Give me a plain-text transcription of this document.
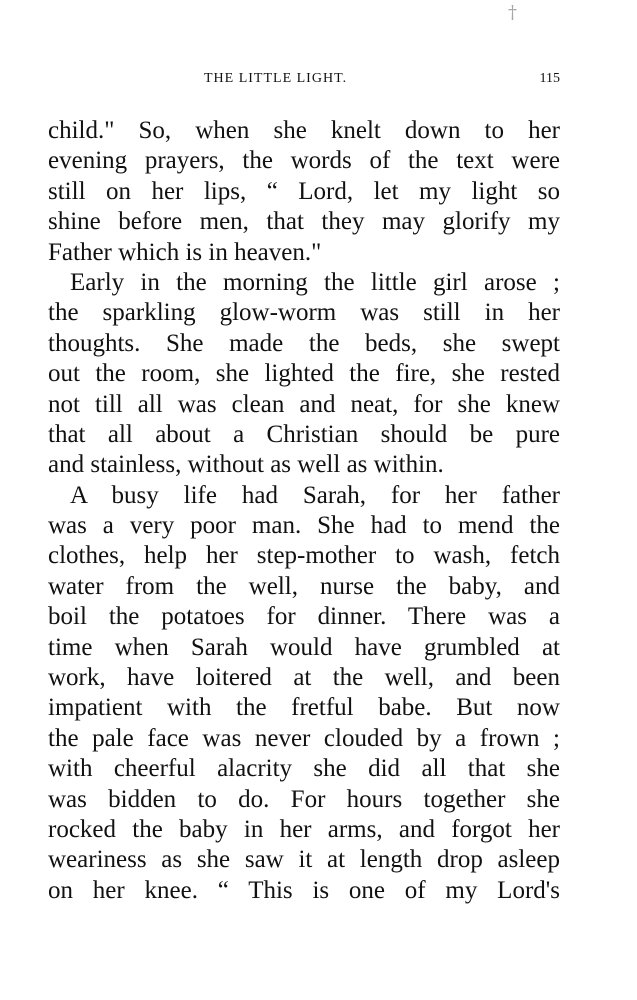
†
THE LITTLE LIGHT.	115
child." So, when she knelt down to her
evening prayers, the words of the text were
still on her lips, “ Lord, let my light so
shine before men, that they may glorify my
Father which is in heaven."
Early in the morning the little girl arose ;
the sparkling glow-worm was still in her
thoughts. She made the beds, she swept
out the room, she lighted the fire, she rested
not till all was clean and neat, for she knew
that all about a Christian should be pure
and stainless, without as well as within.
A busy life had Sarah, for her father
was a very poor man. She had to mend the
clothes, help her step-mother to wash, fetch
water from the well, nurse the baby, and
boil the potatoes for dinner. There was a
time when Sarah would have grumbled at
work, have loitered at the well, and been
impatient with the fretful babe. But now
the pale face was never clouded by a frown ;
with cheerful alacrity she did all that she
was bidden to do. For hours together she
rocked the baby in her arms, and forgot her
weariness as she saw it at length drop asleep
on her knee. “ This is one of my Lord's
